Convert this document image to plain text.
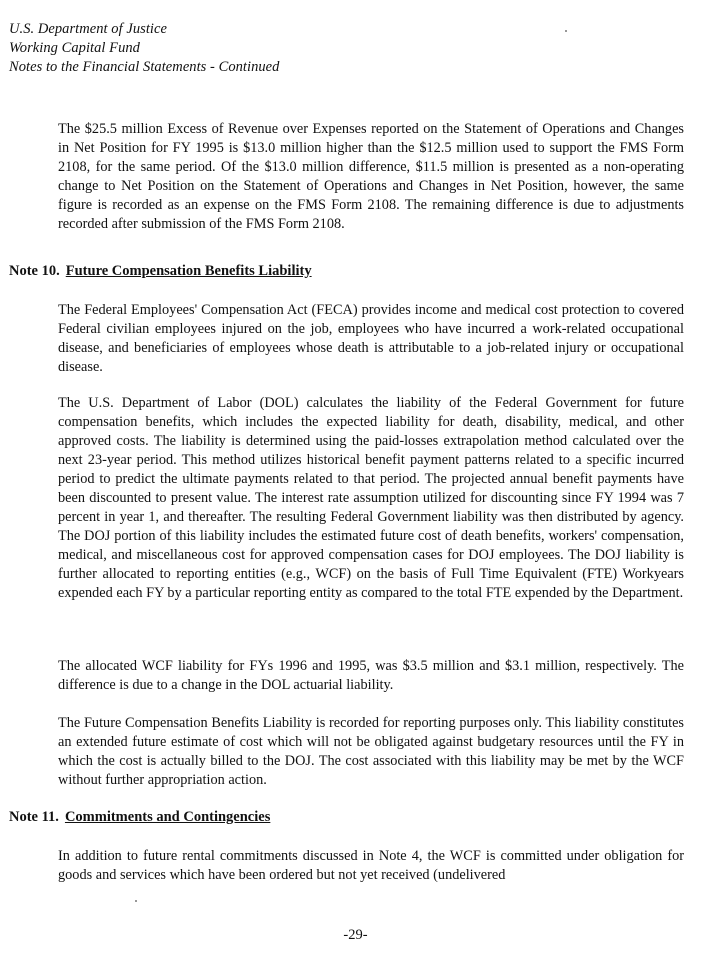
U.S. Department of Justice
Working Capital Fund
Notes to the Financial Statements - Continued
The $25.5 million Excess of Revenue over Expenses reported on the Statement of Operations and Changes in Net Position for FY 1995 is $13.0 million higher than the $12.5 million used to support the FMS Form 2108, for the same period. Of the $13.0 million difference, $11.5 million is presented as a non-operating change to Net Position on the Statement of Operations and Changes in Net Position, however, the same figure is recorded as an expense on the FMS Form 2108. The remaining difference is due to adjustments recorded after submission of the FMS Form 2108.
Note 10. Future Compensation Benefits Liability
The Federal Employees' Compensation Act (FECA) provides income and medical cost protection to covered Federal civilian employees injured on the job, employees who have incurred a work-related occupational disease, and beneficiaries of employees whose death is attributable to a job-related injury or occupational disease.
The U.S. Department of Labor (DOL) calculates the liability of the Federal Government for future compensation benefits, which includes the expected liability for death, disability, medical, and other approved costs. The liability is determined using the paid-losses extrapolation method calculated over the next 23-year period. This method utilizes historical benefit payment patterns related to a specific incurred period to predict the ultimate payments related to that period. The projected annual benefit payments have been discounted to present value. The interest rate assumption utilized for discounting since FY 1994 was 7 percent in year 1, and thereafter. The resulting Federal Government liability was then distributed by agency. The DOJ portion of this liability includes the estimated future cost of death benefits, workers' compensation, medical, and miscellaneous cost for approved compensation cases for DOJ employees. The DOJ liability is further allocated to reporting entities (e.g., WCF) on the basis of Full Time Equivalent (FTE) Workyears expended each FY by a particular reporting entity as compared to the total FTE expended by the Department.
The allocated WCF liability for FYs 1996 and 1995, was $3.5 million and $3.1 million, respectively. The difference is due to a change in the DOL actuarial liability.
The Future Compensation Benefits Liability is recorded for reporting purposes only. This liability constitutes an extended future estimate of cost which will not be obligated against budgetary resources until the FY in which the cost is actually billed to the DOJ. The cost associated with this liability may be met by the WCF without further appropriation action.
Note 11. Commitments and Contingencies
In addition to future rental commitments discussed in Note 4, the WCF is committed under obligation for goods and services which have been ordered but not yet received (undelivered
-29-
